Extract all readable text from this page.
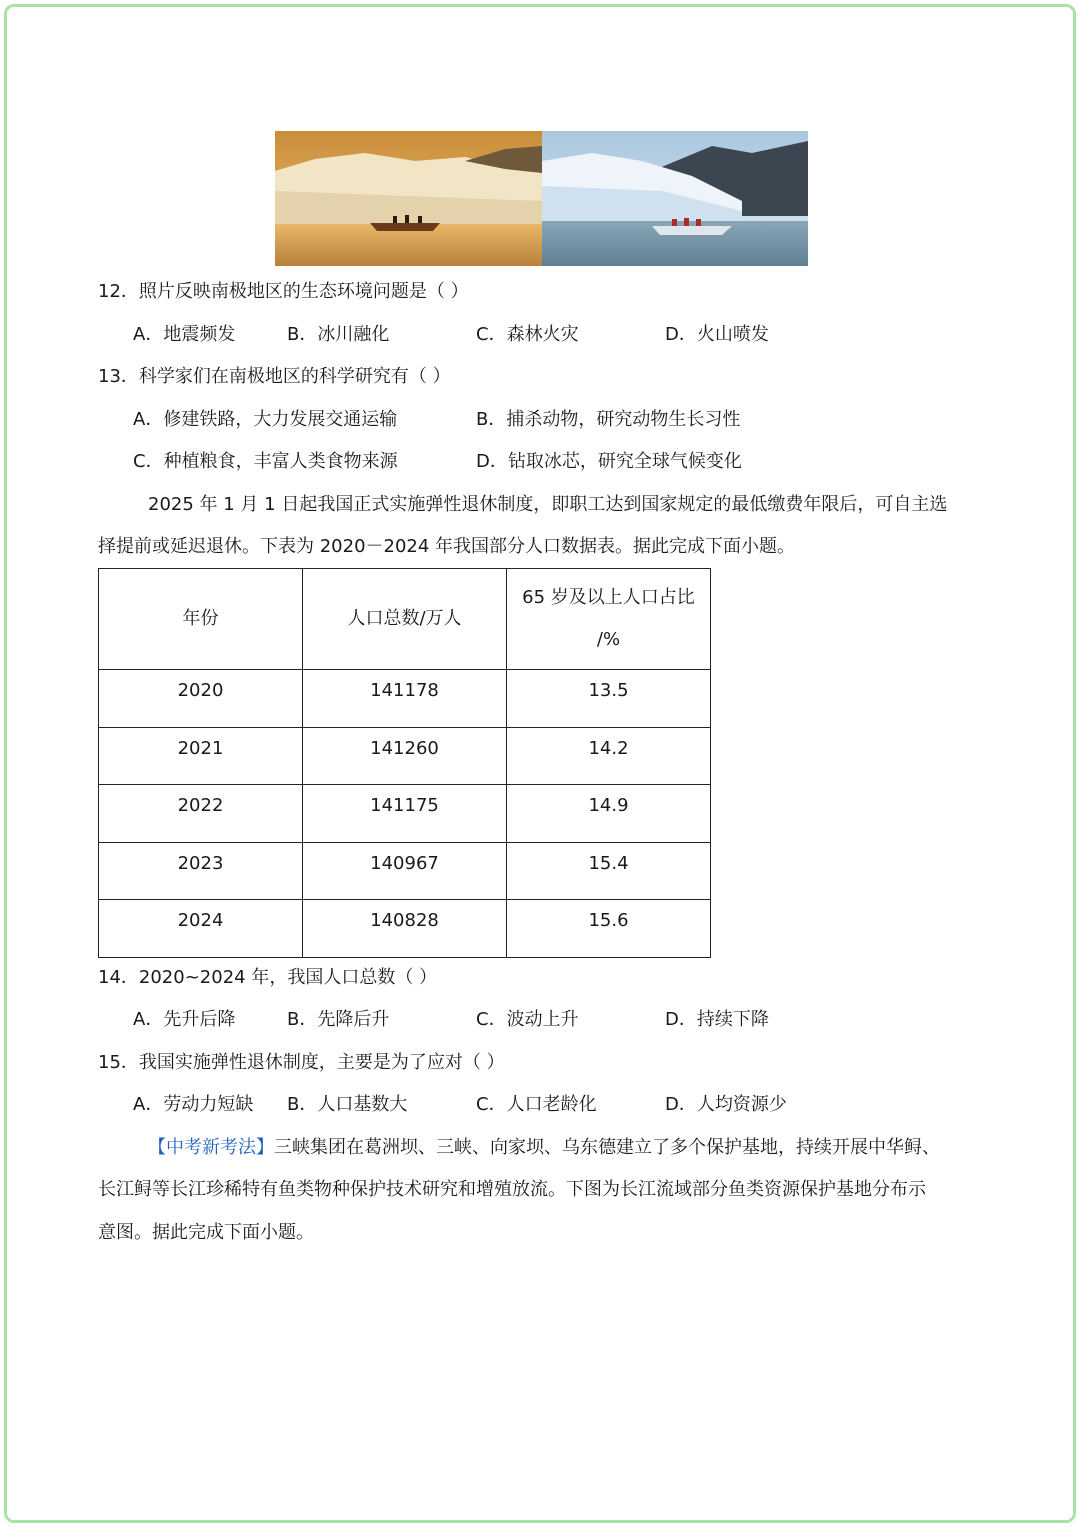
12．照片反映南极地区的生态环境问题是（ ）
A．地震频发	B．冰川融化	C．森林火灾	D．火山喷发
13．科学家们在南极地区的科学研究有（ ）
A．修建铁路，大力发展交通运输	B．捕杀动物，研究动物生长习性
C．种植粮食，丰富人类食物来源	D．钻取冰芯，研究全球气候变化
2025 年 1 月 1 日起我国正式实施弹性退休制度，即职工达到国家规定的最低缴费年限后，可自主选
择提前或延迟退休。下表为 2020－2024 年我国部分人口数据表。据此完成下面小题。
年份	人口总数/万人	65 岁及以上人口占比
/%

2020	141178	13.5
2021	141260	14.2
2022	141175	14.9
2023	140967	15.4
2024	140828	15.6
14．2020~2024 年，我国人口总数（ ）
A．先升后降	B．先降后升	C．波动上升	D．持续下降
15．我国实施弹性退休制度，主要是为了应对（ ）
A．劳动力短缺 B．人口基数大	C．人口老龄化	D．人均资源少
【中考新考法】三峡集团在葛洲坝、三峡、向家坝、乌东德建立了多个保护基地，持续开展中华鲟、
长江鲟等长江珍稀特有鱼类物种保护技术研究和增殖放流。下图为长江流域部分鱼类资源保护基地分布示
意图。据此完成下面小题。
